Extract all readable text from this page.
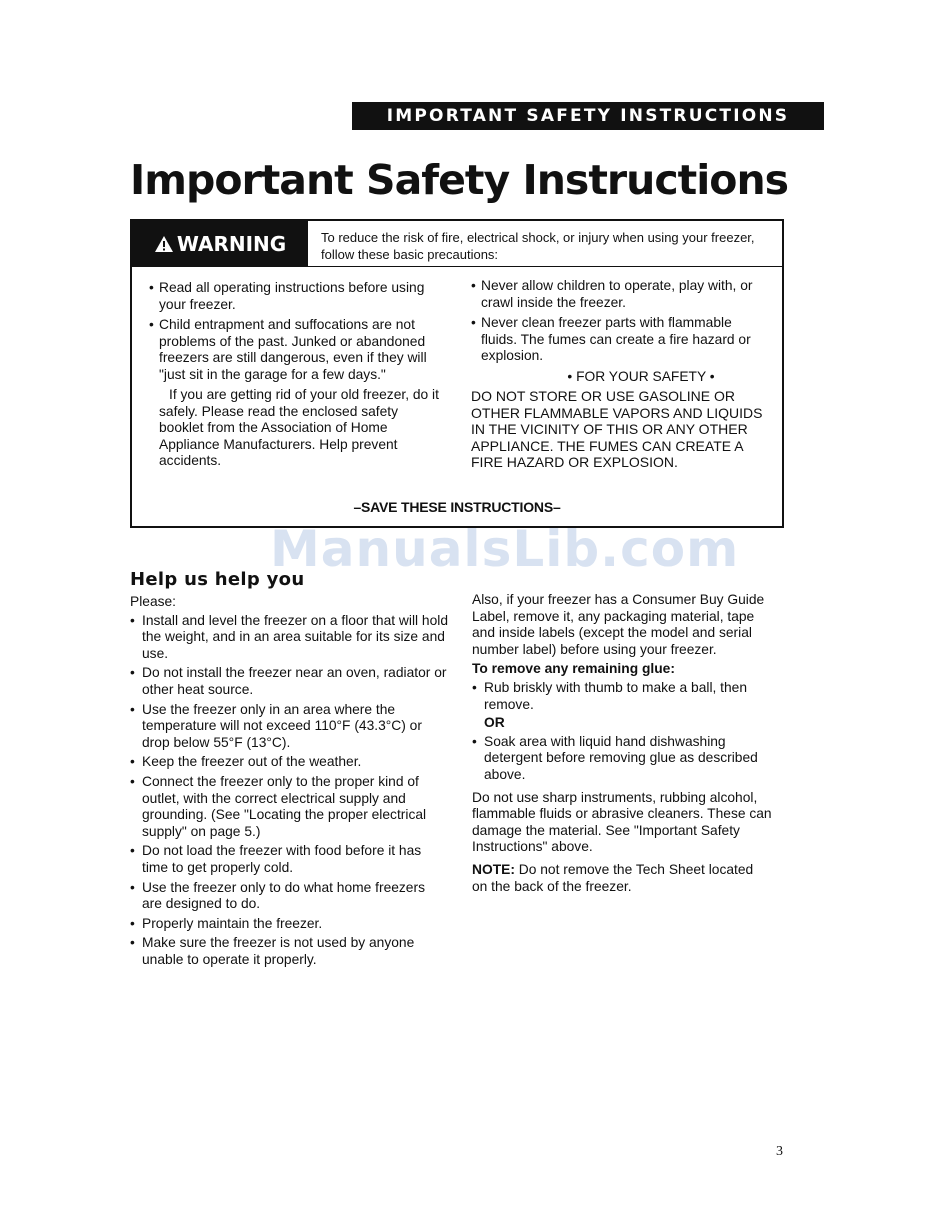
IMPORTANT SAFETY INSTRUCTIONS
Important Safety Instructions
WARNING	To reduce the risk of fire, electrical shock, or injury when using your freezer, follow these basic precautions:
• Read all operating instructions before using your freezer.
• Child entrapment and suffocations are not problems of the past. Junked or abandoned freezers are still dangerous, even if they will "just sit in the garage for a few days."

If you are getting rid of your old freezer, do it safely. Please read the enclosed safety booklet from the Association of Home Appliance Manufacturers. Help prevent accidents.

• Never allow children to operate, play with, or crawl inside the freezer.
• Never clean freezer parts with flammable fluids. The fumes can create a fire hazard or explosion.

• FOR YOUR SAFETY •

DO NOT STORE OR USE GASOLINE OR OTHER FLAMMABLE VAPORS AND LIQUIDS IN THE VICINITY OF THIS OR ANY OTHER APPLIANCE. THE FUMES CAN CREATE A FIRE HAZARD OR EXPLOSION.

–SAVE THESE INSTRUCTIONS–
ManualsLib.com
Help us help you

Please:

• Install and level the freezer on a floor that will hold the weight, and in an area suitable for its size and use.
• Do not install the freezer near an oven, radiator or other heat source.
• Use the freezer only in an area where the temperature will not exceed 110°F (43.3°C) or drop below 55°F (13°C).
• Keep the freezer out of the weather.
• Connect the freezer only to the proper kind of outlet, with the correct electrical supply and grounding. (See "Locating the proper electrical supply" on page 5.)
• Do not load the freezer with food before it has time to get properly cold.
• Use the freezer only to do what home freezers are designed to do.
• Properly maintain the freezer.
• Make sure the freezer is not used by anyone unable to operate it properly.

Also, if your freezer has a Consumer Buy Guide Label, remove it, any packaging material, tape and inside labels (except the model and serial number label) before using your freezer.

To remove any remaining glue:

• Rub briskly with thumb to make a ball, then remove.

OR

• Soak area with liquid hand dishwashing detergent before removing glue as described above.

Do not use sharp instruments, rubbing alcohol, flammable fluids or abrasive cleaners. These can damage the material. See "Important Safety Instructions" above.

NOTE: Do not remove the Tech Sheet located on the back of the freezer.

3
